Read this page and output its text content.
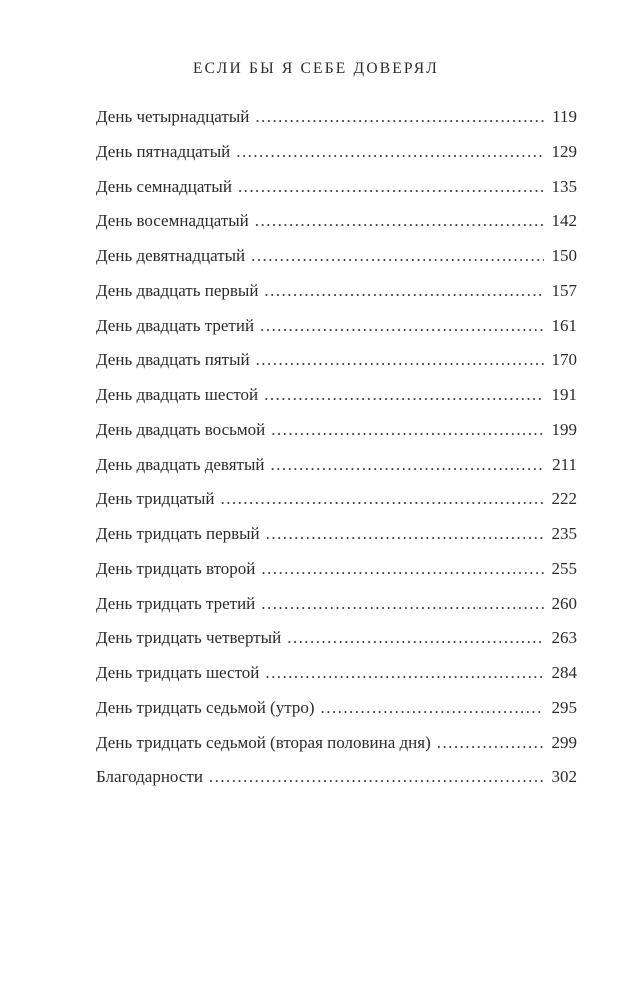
ЕСЛИ БЫ Я СЕБЕ ДОВЕРЯЛ
День четырнадцатый . . .	119
День пятнадцатый . . .	129
День семнадцатый . . .	135
День восемнадцатый . . .	142
День девятнадцатый . . .	150
День двадцать первый . . .	157
День двадцать третий . . .	161
День двадцать пятый . . .	170
День двадцать шестой . . .	191
День двадцать восьмой . . .	199
День двадцать девятый . . .	211
День тридцатый . . .	222
День тридцать первый . . .	235
День тридцать второй . . .	255
День тридцать третий . . .	260
День тридцать четвертый . . .	263
День тридцать шестой . . .	284
День тридцать седьмой (утро) . . .	295
День тридцать седьмой (вторая половина дня) . . .	299
Благодарности . . .	302
